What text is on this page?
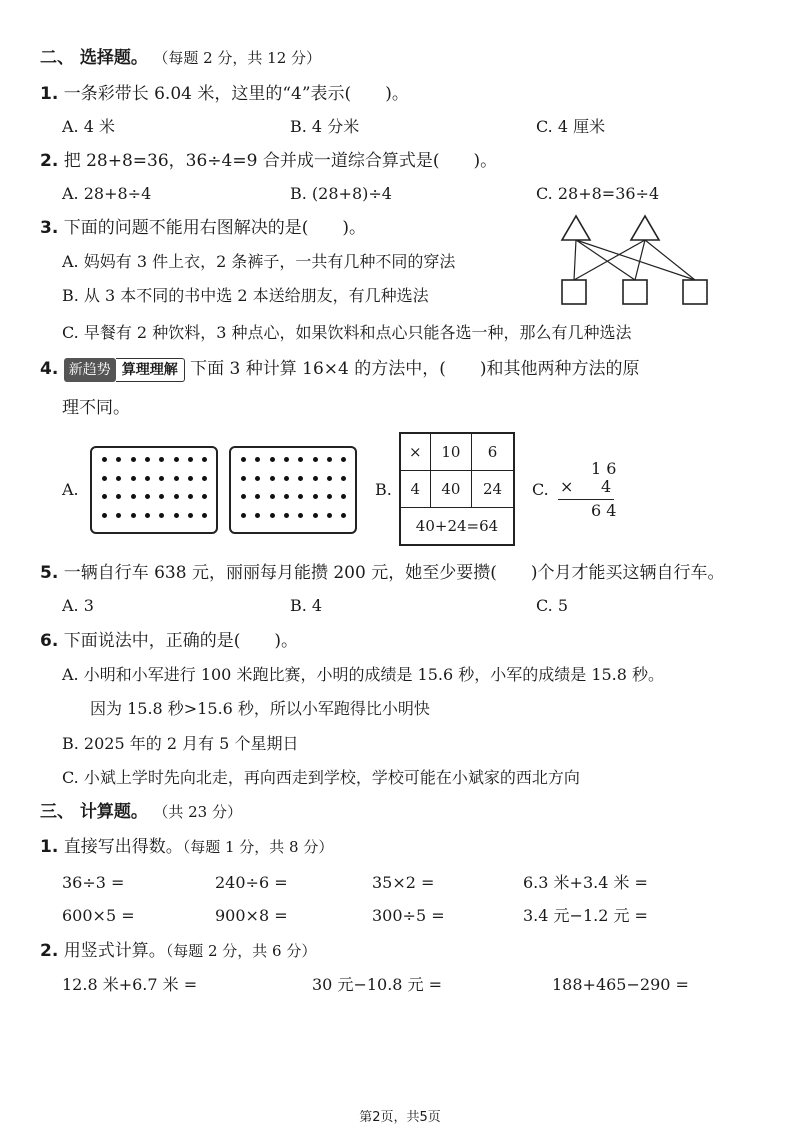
二、 选择题。 （每题 2 分，共 12 分）
1. 一条彩带长 6.04 米，这里的“4”表示(　　)。
A. 4 米	B. 4 分米	C. 4 厘米
2. 把 28+8=36，36÷4=9 合并成一道综合算式是(　　)。
A. 28+8÷4	B. (28+8)÷4	C. 28+8=36÷4
3. 下面的问题不能用右图解决的是(　　)。
A. 妈妈有 3 件上衣，2 条裤子，一共有几种不同的穿法
B. 从 3 本不同的书中选 2 本送给朋友，有几种选法
C. 早餐有 2 种饮料，3 种点心，如果饮料和点心只能各选一种，那么有几种选法
4. 新趋势 算理理解 下面 3 种计算 16×4 的方法中，(　　)和其他两种方法的原
理不同。
A.	B.
×	10	6
4	40	24
40+24=64		
C.
1 6
× 4
6 4
5. 一辆自行车 638 元，丽丽每月能攒 200 元，她至少要攒(　　)个月才能买这辆自行车。
A. 3	B. 4	C. 5
6. 下面说法中，正确的是(　　)。
A. 小明和小军进行 100 米跑比赛，小明的成绩是 15.6 秒，小军的成绩是 15.8 秒。
因为 15.8 秒>15.6 秒，所以小军跑得比小明快
B. 2025 年的 2 月有 5 个星期日
C. 小斌上学时先向北走，再向西走到学校，学校可能在小斌家的西北方向
三、 计算题。 （共 23 分）
1. 直接写出得数。（每题 1 分，共 8 分）
36÷3 =	240÷6 =	35×2 =	6.3 米+3.4 米 =
600×5 =	900×8 =	300÷5 =	3.4 元−1.2 元 =
2. 用竖式计算。（每题 2 分，共 6 分）
12.8 米+6.7 米 =	30 元−10.8 元 =	188+465−290 =
第2页，共5页
